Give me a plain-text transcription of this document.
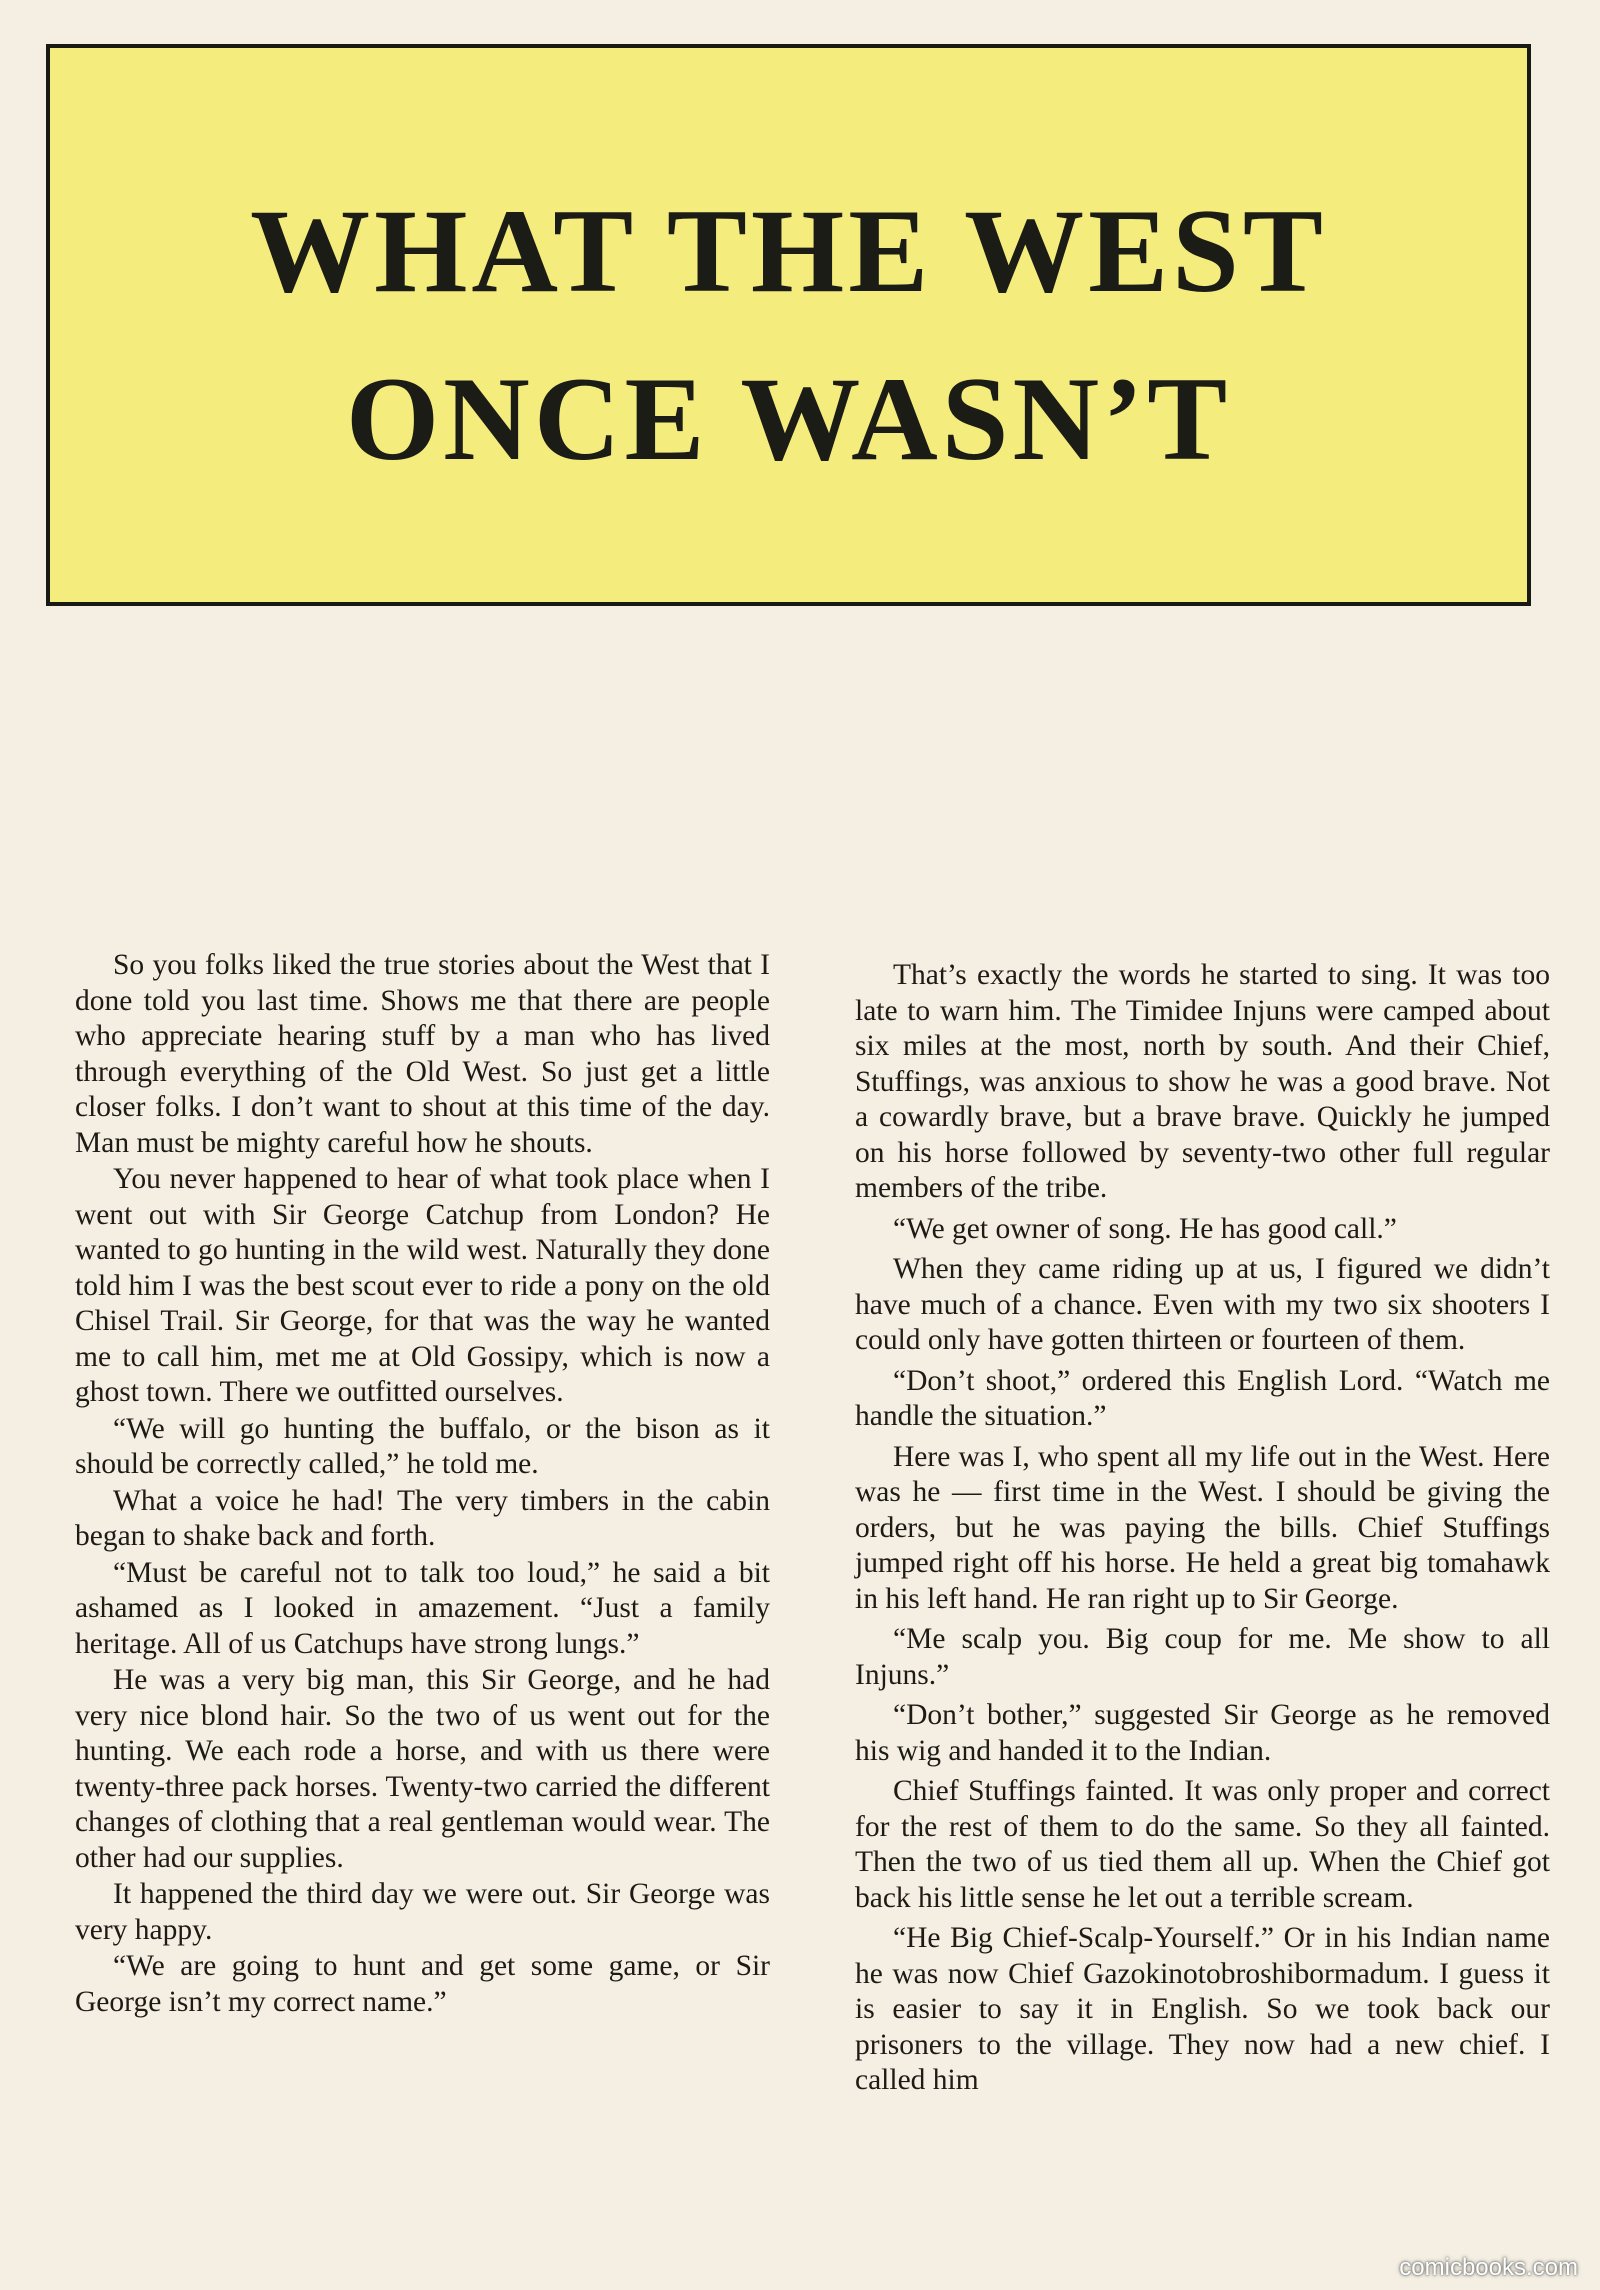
WHAT THE WEST
ONCE WASN’T

So you folks liked the true stories about the West that I done told you last time. Shows me that there are people who appreciate hearing stuff by a man who has lived through everything of the Old West. So just get a little closer folks. I don’t want to shout at this time of the day. Man must be mighty careful how he shouts.

You never happened to hear of what took place when I went out with Sir George Catchup from London? He wanted to go hunting in the wild west. Naturally they done told him I was the best scout ever to ride a pony on the old Chisel Trail. Sir George, for that was the way he wanted me to call him, met me at Old Gossipy, which is now a ghost town. There we outfitted ourselves.

“We will go hunting the buffalo, or the bison as it should be correctly called,” he told me.

What a voice he had! The very timbers in the cabin began to shake back and forth.

“Must be careful not to talk too loud,” he said a bit ashamed as I looked in amazement. “Just a family heritage. All of us Catchups have strong lungs.”

He was a very big man, this Sir George, and he had very nice blond hair. So the two of us went out for the hunting. We each rode a horse, and with us there were twenty-three pack horses. Twenty-two carried the different changes of clothing that a real gentleman would wear. The other had our supplies.

It happened the third day we were out. Sir George was very happy.

“We are going to hunt and get some game, or Sir George isn’t my correct name.”

That’s exactly the words he started to sing. It was too late to warn him. The Timidee Injuns were camped about six miles at the most, north by south. And their Chief, Stuffings, was anxious to show he was a good brave. Not a cowardly brave, but a brave brave. Quickly he jumped on his horse followed by seventy-two other full regular members of the tribe.

“We get owner of song. He has good call.”

When they came riding up at us, I figured we didn’t have much of a chance. Even with my two six shooters I could only have gotten thirteen or fourteen of them.

“Don’t shoot,” ordered this English Lord. “Watch me handle the situation.”

Here was I, who spent all my life out in the West. Here was he — first time in the West. I should be giving the orders, but he was paying the bills. Chief Stuffings jumped right off his horse. He held a great big tomahawk in his left hand. He ran right up to Sir George.

“Me scalp you. Big coup for me. Me show to all Injuns.”

“Don’t bother,” suggested Sir George as he removed his wig and handed it to the Indian.

Chief Stuffings fainted. It was only proper and correct for the rest of them to do the same. So they all fainted. Then the two of us tied them all up. When the Chief got back his little sense he let out a terrible scream.

“He Big Chief-Scalp-Yourself.” Or in his Indian name he was now Chief Gazokinotobroshibormadum. I guess it is easier to say it in English. So we took back our prisoners to the village. They now had a new chief. I called him

comicbooks.com
